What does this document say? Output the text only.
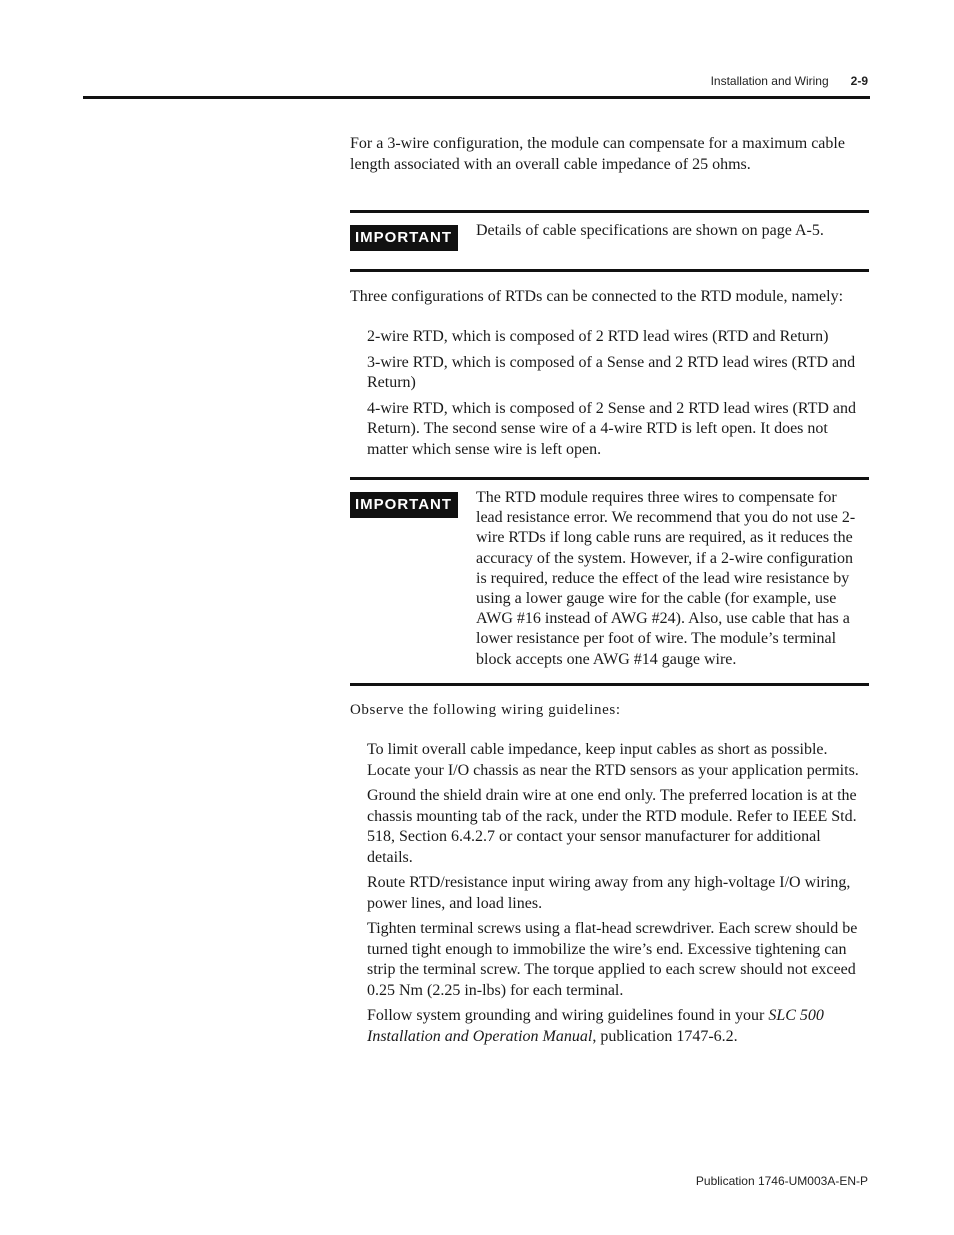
Installation and Wiring 2-9

For a 3-wire configuration, the module can compensate for a maximum cable length associated with an overall cable impedance of 25 ohms.

IMPORTANT	Details of cable specifications are shown on page A-5.

Three configurations of RTDs can be connected to the RTD module, namely:

2-wire RTD, which is composed of 2 RTD lead wires (RTD and Return)
3-wire RTD, which is composed of a Sense and 2 RTD lead wires (RTD and Return)
4-wire RTD, which is composed of 2 Sense and 2 RTD lead wires (RTD and Return). The second sense wire of a 4-wire RTD is left open. It does not matter which sense wire is left open.
IMPORTANT	The RTD module requires three wires to compensate for lead resistance error. We recommend that you do not use 2-wire RTDs if long cable runs are required, as it reduces the accuracy of the system. However, if a 2-wire configuration is required, reduce the effect of the lead wire resistance by using a lower gauge wire for the cable (for example, use AWG #16 instead of AWG #24). Also, use cable that has a lower resistance per foot of wire. The module’s terminal block accepts one AWG #14 gauge wire.

Observe the following wiring guidelines:

To limit overall cable impedance, keep input cables as short as possible. Locate your I/O chassis as near the RTD sensors as your application permits.
Ground the shield drain wire at one end only. The preferred location is at the chassis mounting tab of the rack, under the RTD module. Refer to IEEE Std. 518, Section 6.4.2.7 or contact your sensor manufacturer for additional details.
Route RTD/resistance input wiring away from any high-voltage I/O wiring, power lines, and load lines.
Tighten terminal screws using a flat-head screwdriver. Each screw should be turned tight enough to immobilize the wire’s end. Excessive tightening can strip the terminal screw. The torque applied to each screw should not exceed 0.25 Nm (2.25 in-lbs) for each terminal.
Follow system grounding and wiring guidelines found in your SLC 500 Installation and Operation Manual, publication 1747-6.2.
Publication 1746-UM003A-EN-P
